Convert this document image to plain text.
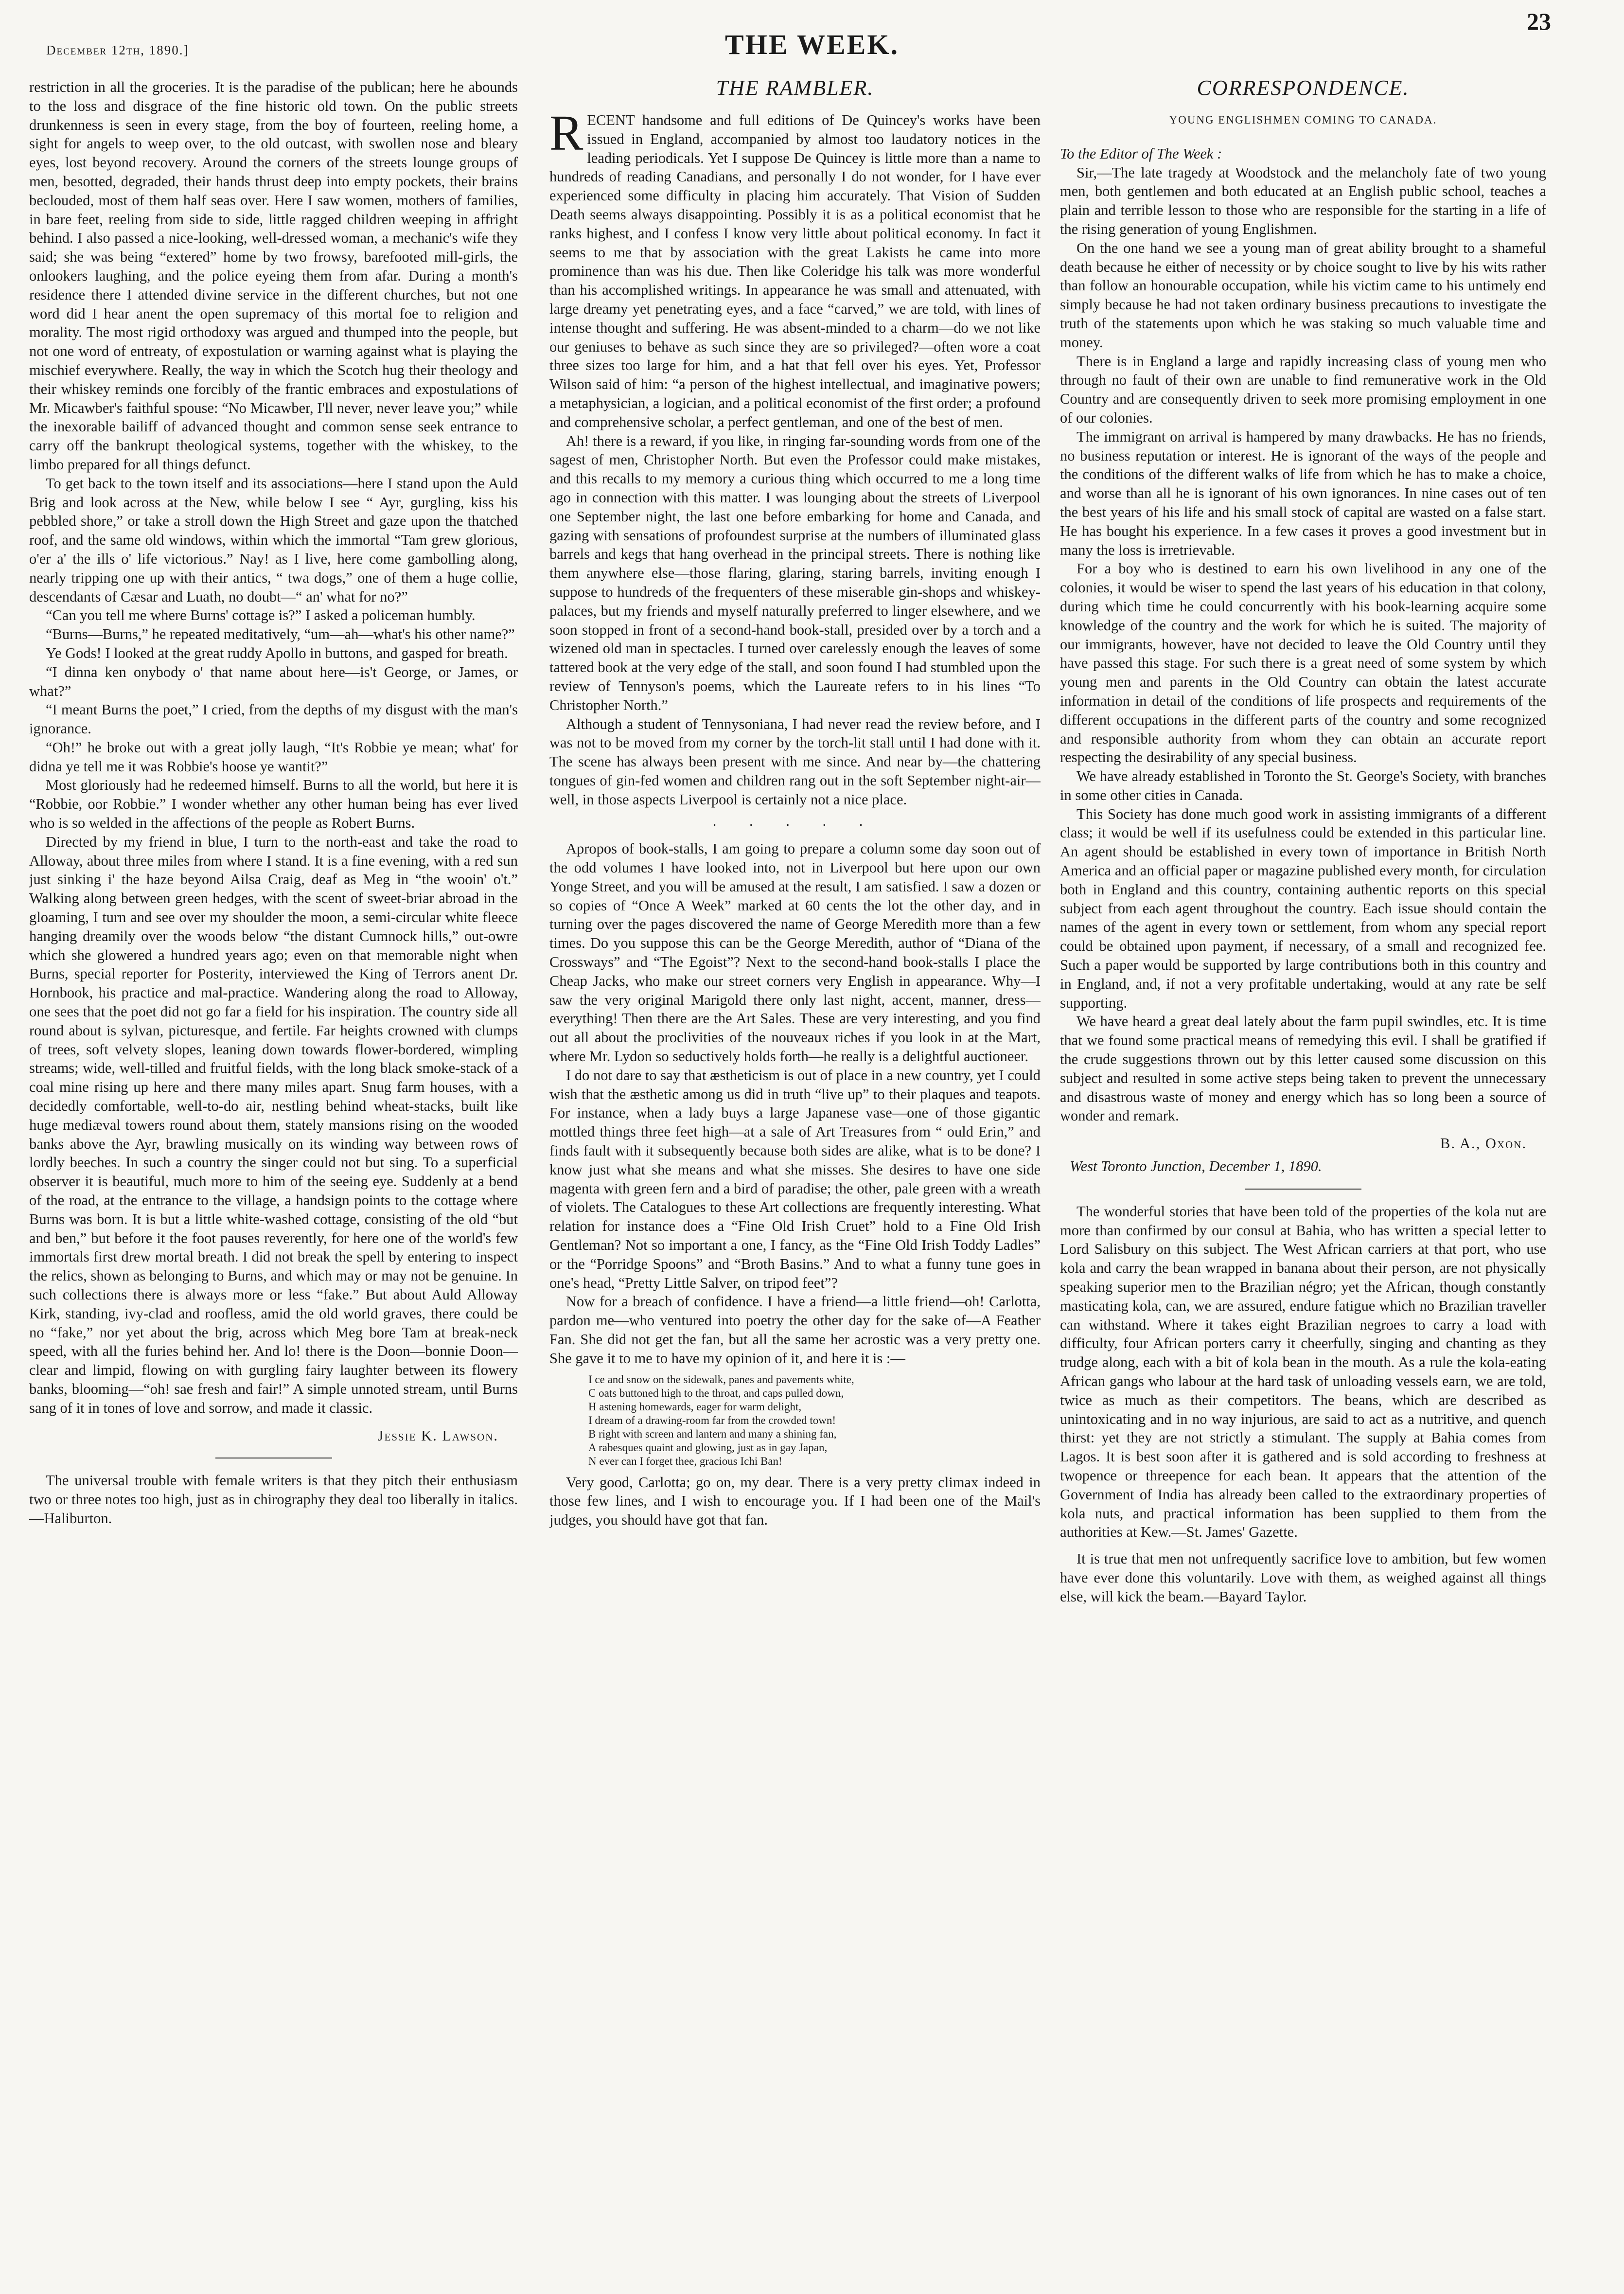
December 12th, 1890.]	THE WEEK.
23

restriction in all the groceries. It is the paradise of the publican; here he abounds to the loss and disgrace of the fine historic old town. On the public streets drunkenness is seen in every stage, from the boy of fourteen, reeling home, a sight for angels to weep over, to the old outcast, with swollen nose and bleary eyes, lost beyond recovery. Around the corners of the streets lounge groups of men, besotted, degraded, their hands thrust deep into empty pockets, their brains beclouded, most of them half seas over. Here I saw women, mothers of families, in bare feet, reeling from side to side, little ragged children weeping in affright behind. I also passed a nice-looking, well-dressed woman, a mechanic's wife they said; she was being “extered” home by two frowsy, barefooted mill-girls, the onlookers laughing, and the police eyeing them from afar. During a month's residence there I attended divine service in the different churches, but not one word did I hear anent the open supremacy of this mortal foe to religion and morality. The most rigid orthodoxy was argued and thumped into the people, but not one word of entreaty, of expostulation or warning against what is playing the mischief everywhere. Really, the way in which the Scotch hug their theology and their whiskey reminds one forcibly of the frantic embraces and expostulations of Mr. Micawber's faithful spouse: “No Micawber, I'll never, never leave you;” while the inexorable bailiff of advanced thought and common sense seek entrance to carry off the bankrupt theological systems, together with the whiskey, to the limbo prepared for all things defunct.

To get back to the town itself and its associations—here I stand upon the Auld Brig and look across at the New, while below I see “ Ayr, gurgling, kiss his pebbled shore,” or take a stroll down the High Street and gaze upon the thatched roof, and the same old windows, within which the immortal “Tam grew glorious, o'er a' the ills o' life victorious.” Nay! as I live, here come gambolling along, nearly tripping one up with their antics, “ twa dogs,” one of them a huge collie, descendants of Cæsar and Luath, no doubt—“ an' what for no?”

“Can you tell me where Burns' cottage is?” I asked a policeman humbly.

“Burns—Burns,” he repeated meditatively, “um—ah—what's his other name?”

Ye Gods! I looked at the great ruddy Apollo in buttons, and gasped for breath.

“I dinna ken onybody o' that name about here—is't George, or James, or what?”

“I meant Burns the poet,” I cried, from the depths of my disgust with the man's ignorance.

“Oh!” he broke out with a great jolly laugh, “It's Robbie ye mean; what' for didna ye tell me it was Robbie's hoose ye wantit?”

Most gloriously had he redeemed himself. Burns to all the world, but here it is “Robbie, oor Robbie.” I wonder whether any other human being has ever lived who is so welded in the affections of the people as Robert Burns.

Directed by my friend in blue, I turn to the north-east and take the road to Alloway, about three miles from where I stand. It is a fine evening, with a red sun just sinking i' the haze beyond Ailsa Craig, deaf as Meg in “the wooin' o't.” Walking along between green hedges, with the scent of sweet-briar abroad in the gloaming, I turn and see over my shoulder the moon, a semi-circular white fleece hanging dreamily over the woods below “the distant Cumnock hills,” out-owre which she glowered a hundred years ago; even on that memorable night when Burns, special reporter for Posterity, interviewed the King of Terrors anent Dr. Hornbook, his practice and mal-practice. Wandering along the road to Alloway, one sees that the poet did not go far a field for his inspiration. The country side all round about is sylvan, picturesque, and fertile. Far heights crowned with clumps of trees, soft velvety slopes, leaning down towards flower-bordered, wimpling streams; wide, well-tilled and fruitful fields, with the long black smoke-stack of a coal mine rising up here and there many miles apart. Snug farm houses, with a decidedly comfortable, well-to-do air, nestling behind wheat-stacks, built like huge mediæval towers round about them, stately mansions rising on the wooded banks above the Ayr, brawling musically on its winding way between rows of lordly beeches. In such a country the singer could not but sing. To a superficial observer it is beautiful, much more to him of the seeing eye. Suddenly at a bend of the road, at the entrance to the village, a handsign points to the cottage where Burns was born. It is but a little white-washed cottage, consisting of the old “but and ben,” but before it the foot pauses reverently, for here one of the world's few immortals first drew mortal breath. I did not break the spell by entering to inspect the relics, shown as belonging to Burns, and which may or may not be genuine. In such collections there is always more or less “fake.” But about Auld Alloway Kirk, standing, ivy-clad and roofless, amid the old world graves, there could be no “fake,” nor yet about the brig, across which Meg bore Tam at break-neck speed, with all the furies behind her. And lo! there is the Doon—bonnie Doon—clear and limpid, flowing on with gurgling fairy laughter between its flowery banks, blooming—“oh! sae fresh and fair!” A simple unnoted stream, until Burns sang of it in tones of love and sorrow, and made it classic.

Jessie K. Lawson.

The universal trouble with female writers is that they pitch their enthusiasm two or three notes too high, just as in chirography they deal too liberally in italics.—Haliburton.

THE RAMBLER.

RECENT handsome and full editions of De Quincey's works have been issued in England, accompanied by almost too laudatory notices in the leading periodicals. Yet I suppose De Quincey is little more than a name to hundreds of reading Canadians, and personally I do not wonder, for I have ever experienced some difficulty in placing him accurately. That Vision of Sudden Death seems always disappointing. Possibly it is as a political economist that he ranks highest, and I confess I know very little about political economy. In fact it seems to me that by association with the great Lakists he came into more prominence than was his due. Then like Coleridge his talk was more wonderful than his accomplished writings. In appearance he was small and attenuated, with large dreamy yet penetrating eyes, and a face “carved,” we are told, with lines of intense thought and suffering. He was absent-minded to a charm—do we not like our geniuses to behave as such since they are so privileged?—often wore a coat three sizes too large for him, and a hat that fell over his eyes. Yet, Professor Wilson said of him: “a person of the highest intellectual, and imaginative powers; a metaphysician, a logician, and a political economist of the first order; a profound and comprehensive scholar, a perfect gentleman, and one of the best of men.

Ah! there is a reward, if you like, in ringing far-sounding words from one of the sagest of men, Christopher North. But even the Professor could make mistakes, and this recalls to my memory a curious thing which occurred to me a long time ago in connection with this matter. I was lounging about the streets of Liverpool one September night, the last one before embarking for home and Canada, and gazing with sensations of profoundest surprise at the numbers of illuminated glass barrels and kegs that hang overhead in the principal streets. There is nothing like them anywhere else—those flaring, glaring, staring barrels, inviting enough I suppose to hundreds of the frequenters of these miserable gin-shops and whiskey-palaces, but my friends and myself naturally preferred to linger elsewhere, and we soon stopped in front of a second-hand book-stall, presided over by a torch and a wizened old man in spectacles. I turned over carelessly enough the leaves of some tattered book at the very edge of the stall, and soon found I had stumbled upon the review of Tennyson's poems, which the Laureate refers to in his lines “To Christopher North.”

Although a student of Tennysoniana, I had never read the review before, and I was not to be moved from my corner by the torch-lit stall until I had done with it. The scene has always been present with me since. And near by—the chattering tongues of gin-fed women and children rang out in the soft September night-air—well, in those aspects Liverpool is certainly not a nice place.

. . . . .

Apropos of book-stalls, I am going to prepare a column some day soon out of the odd volumes I have looked into, not in Liverpool but here upon our own Yonge Street, and you will be amused at the result, I am satisfied. I saw a dozen or so copies of “Once A Week” marked at 60 cents the lot the other day, and in turning over the pages discovered the name of George Meredith more than a few times. Do you suppose this can be the George Meredith, author of “Diana of the Crossways” and “The Egoist”? Next to the second-hand book-stalls I place the Cheap Jacks, who make our street corners very English in appearance. Why—I saw the very original Marigold there only last night, accent, manner, dress—everything! Then there are the Art Sales. These are very interesting, and you find out all about the proclivities of the nouveaux riches if you look in at the Mart, where Mr. Lydon so seductively holds forth—he really is a delightful auctioneer.

I do not dare to say that æstheticism is out of place in a new country, yet I could wish that the æsthetic among us did in truth “live up” to their plaques and teapots. For instance, when a lady buys a large Japanese vase—one of those gigantic mottled things three feet high—at a sale of Art Treasures from “ ould Erin,” and finds fault with it subsequently because both sides are alike, what is to be done? I know just what she means and what she misses. She desires to have one side magenta with green fern and a bird of paradise; the other, pale green with a wreath of violets. The Catalogues to these Art collections are frequently interesting. What relation for instance does a “Fine Old Irish Cruet” hold to a Fine Old Irish Gentleman? Not so important a one, I fancy, as the “Fine Old Irish Toddy Ladles” or the “Porridge Spoons” and “Broth Basins.” And to what a funny tune goes in one's head, “Pretty Little Salver, on tripod feet”?

Now for a breach of confidence. I have a friend—a little friend—oh! Carlotta, pardon me—who ventured into poetry the other day for the sake of—A Feather Fan. She did not get the fan, but all the same her acrostic was a very pretty one. She gave it to me to have my opinion of it, and here it is :—

I ce and snow on the sidewalk, panes and pavements white,
C oats buttoned high to the throat, and caps pulled down,
H astening homewards, eager for warm delight,
I dream of a drawing-room far from the crowded town!
B right with screen and lantern and many a shining fan,
A rabesques quaint and glowing, just as in gay Japan,
N ever can I forget thee, gracious Ichi Ban!

Very good, Carlotta; go on, my dear. There is a very pretty climax indeed in those few lines, and I wish to encourage you. If I had been one of the Mail's judges, you should have got that fan.

CORRESPONDENCE.
YOUNG ENGLISHMEN COMING TO CANADA.

To the Editor of The Week :

Sir,—The late tragedy at Woodstock and the melancholy fate of two young men, both gentlemen and both educated at an English public school, teaches a plain and terrible lesson to those who are responsible for the starting in a life of the rising generation of young Englishmen.

On the one hand we see a young man of great ability brought to a shameful death because he either of necessity or by choice sought to live by his wits rather than follow an honourable occupation, while his victim came to his untimely end simply because he had not taken ordinary business precautions to investigate the truth of the statements upon which he was staking so much valuable time and money.

There is in England a large and rapidly increasing class of young men who through no fault of their own are unable to find remunerative work in the Old Country and are consequently driven to seek more promising employment in one of our colonies.

The immigrant on arrival is hampered by many drawbacks. He has no friends, no business reputation or interest. He is ignorant of the ways of the people and the conditions of the different walks of life from which he has to make a choice, and worse than all he is ignorant of his own ignorances. In nine cases out of ten the best years of his life and his small stock of capital are wasted on a false start. He has bought his experience. In a few cases it proves a good investment but in many the loss is irretrievable.

For a boy who is destined to earn his own livelihood in any one of the colonies, it would be wiser to spend the last years of his education in that colony, during which time he could concurrently with his book-learning acquire some knowledge of the country and the work for which he is suited. The majority of our immigrants, however, have not decided to leave the Old Country until they have passed this stage. For such there is a great need of some system by which young men and parents in the Old Country can obtain the latest accurate information in detail of the conditions of life prospects and requirements of the different occupations in the different parts of the country and some recognized and responsible authority from whom they can obtain an accurate report respecting the desirability of any special business.

We have already established in Toronto the St. George's Society, with branches in some other cities in Canada.

This Society has done much good work in assisting immigrants of a different class; it would be well if its usefulness could be extended in this particular line. An agent should be established in every town of importance in British North America and an official paper or magazine published every month, for circulation both in England and this country, containing authentic reports on this special subject from each agent throughout the country. Each issue should contain the names of the agent in every town or settlement, from whom any special report could be obtained upon payment, if necessary, of a small and recognized fee. Such a paper would be supported by large contributions both in this country and in England, and, if not a very profitable undertaking, would at any rate be self supporting.

We have heard a great deal lately about the farm pupil swindles, etc. It is time that we found some practical means of remedying this evil. I shall be gratified if the crude suggestions thrown out by this letter caused some discussion on this subject and resulted in some active steps being taken to prevent the unnecessary and disastrous waste of money and energy which has so long been a source of wonder and remark.

B. A., Oxon.
West Toronto Junction, December 1, 1890.

The wonderful stories that have been told of the properties of the kola nut are more than confirmed by our consul at Bahia, who has written a special letter to Lord Salisbury on this subject. The West African carriers at that port, who use kola and carry the bean wrapped in banana about their person, are not physically speaking superior men to the Brazilian négro; yet the African, though constantly masticating kola, can, we are assured, endure fatigue which no Brazilian traveller can withstand. Where it takes eight Brazilian negroes to carry a load with difficulty, four African porters carry it cheerfully, singing and chanting as they trudge along, each with a bit of kola bean in the mouth. As a rule the kola-eating African gangs who labour at the hard task of unloading vessels earn, we are told, twice as much as their competitors. The beans, which are described as unintoxicating and in no way injurious, are said to act as a nutritive, and quench thirst: yet they are not strictly a stimulant. The supply at Bahia comes from Lagos. It is best soon after it is gathered and is sold according to freshness at twopence or threepence for each bean. It appears that the attention of the Government of India has already been called to the extraordinary properties of kola nuts, and practical information has been supplied to them from the authorities at Kew.—St. James' Gazette.

It is true that men not unfrequently sacrifice love to ambition, but few women have ever done this voluntarily. Love with them, as weighed against all things else, will kick the beam.—Bayard Taylor.
